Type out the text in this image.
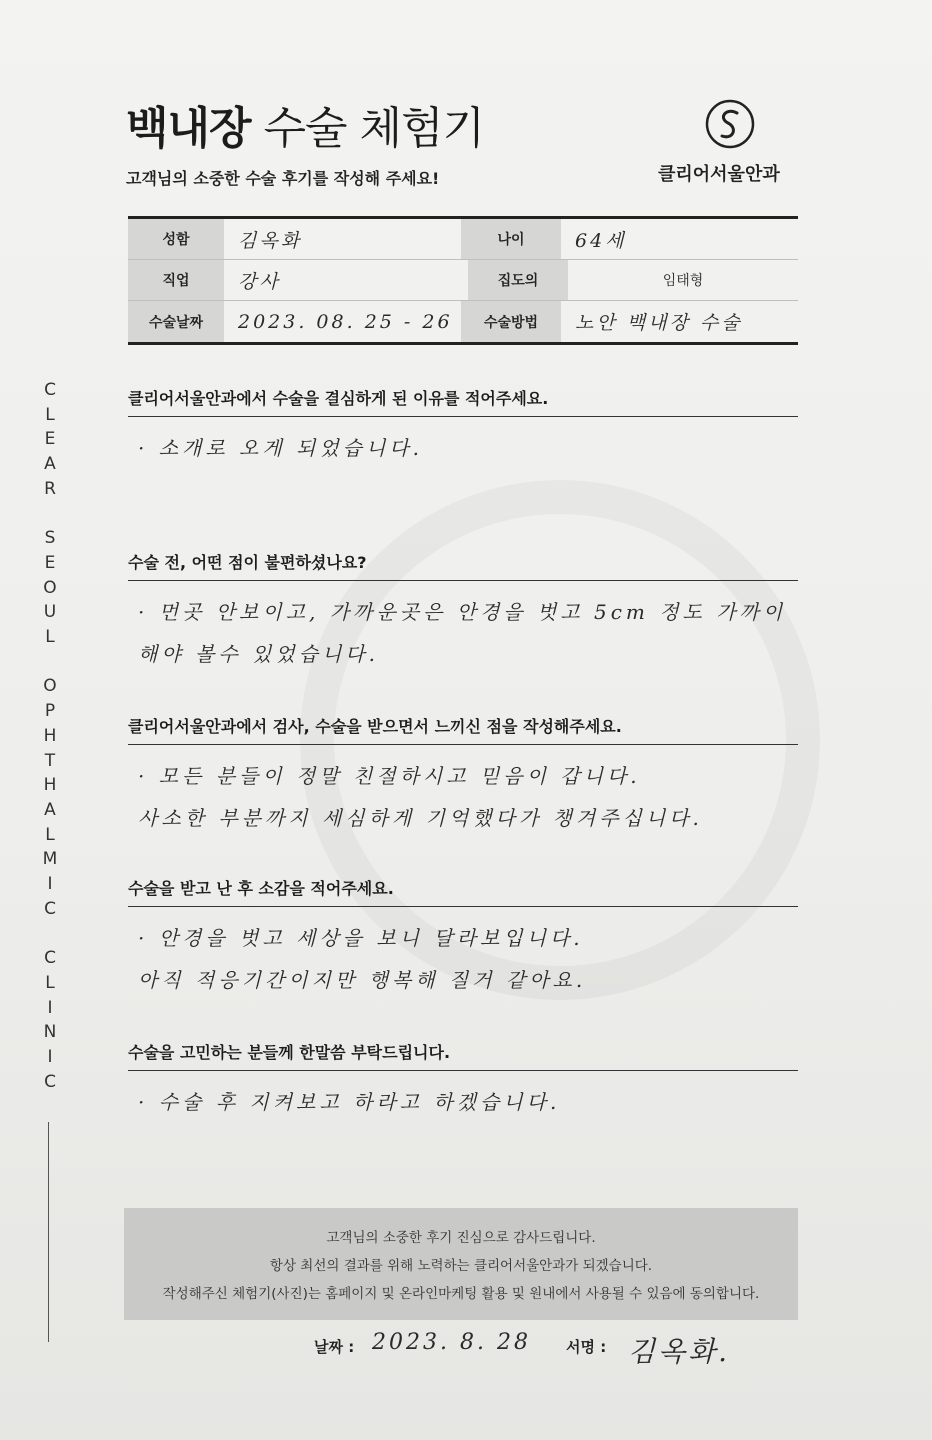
C
L
E
A
R

S
E
O
U
L

O
P
H
T
H
A
L
M
I
C

C
L
I
N
I
C
백내장 수술 체험기
고객님의 소중한 수술 후기를 작성해 주세요!	클리어서울안과
성함	김옥화	나이	64세
직업	강사	집도의	임태형
수술날짜	2023. 08. 25 - 26	수술방법	노안 백내장 수술
클리어서울안과에서 수술을 결심하게 된 이유를 적어주세요.

· 소개로 오게 되었습니다.

수술 전, 어떤 점이 불편하셨나요?

· 먼곳 안보이고, 가까운곳은 안경을 벗고 5cm 정도 가까이

해야 볼수 있었습니다.

클리어서울안과에서 검사, 수술을 받으면서 느끼신 점을 작성해주세요.

· 모든 분들이 정말 친절하시고 믿음이 갑니다.

사소한 부분까지 세심하게 기억했다가 챙겨주십니다.

수술을 받고 난 후 소감을 적어주세요.

· 안경을 벗고 세상을 보니 달라보입니다.

아직 적응기간이지만 행복해 질거 같아요.

수술을 고민하는 분들께 한말씀 부탁드립니다.

· 수술 후 지켜보고 하라고 하겠습니다.

고객님의 소중한 후기 진심으로 감사드립니다.
항상 최선의 결과를 위해 노력하는 클리어서울안과가 되겠습니다.
작성해주신 체험기(사진)는 홈페이지 및 온라인마케팅 활용 및 원내에서 사용될 수 있음에 동의합니다.
날짜 : 2023. 8. 28 서명 : 김옥화.
